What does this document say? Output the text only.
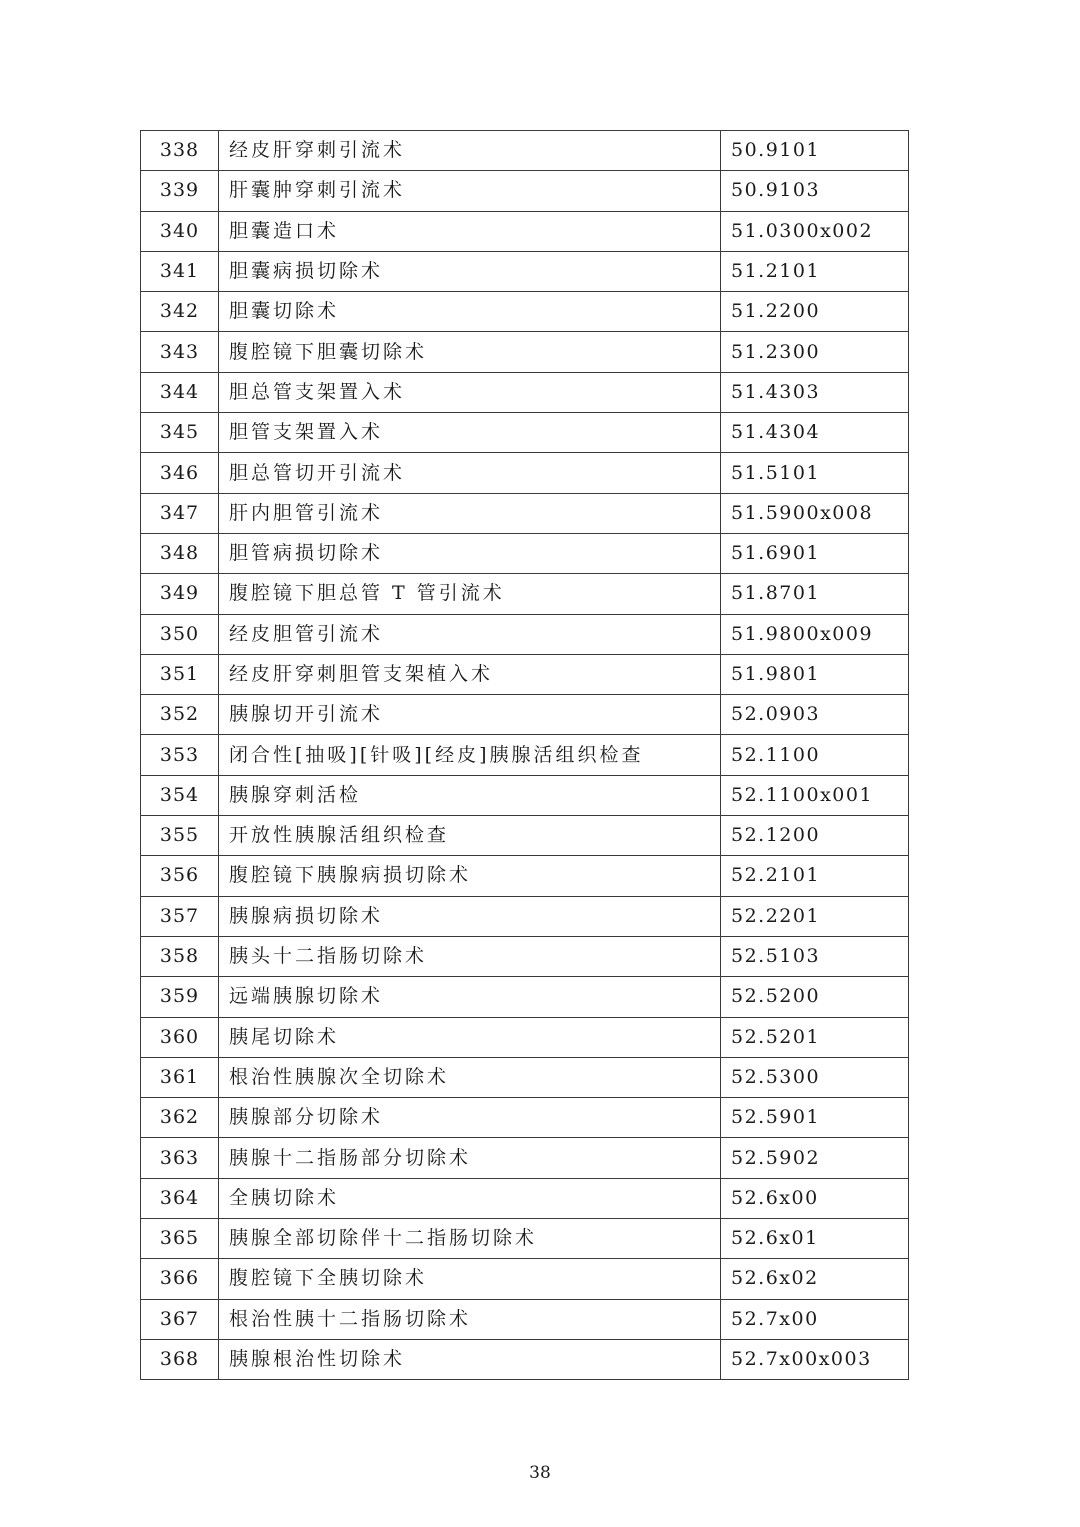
338	经皮肝穿刺引流术	50.9101
339	肝囊肿穿刺引流术	50.9103
340	胆囊造口术	51.0300x002
341	胆囊病损切除术	51.2101
342	胆囊切除术	51.2200
343	腹腔镜下胆囊切除术	51.2300
344	胆总管支架置入术	51.4303
345	胆管支架置入术	51.4304
346	胆总管切开引流术	51.5101
347	肝内胆管引流术	51.5900x008
348	胆管病损切除术	51.6901
349	腹腔镜下胆总管 T 管引流术	51.8701
350	经皮胆管引流术	51.9800x009
351	经皮肝穿刺胆管支架植入术	51.9801
352	胰腺切开引流术	52.0903
353	闭合性[抽吸][针吸][经皮]胰腺活组织检查	52.1100
354	胰腺穿刺活检	52.1100x001
355	开放性胰腺活组织检查	52.1200
356	腹腔镜下胰腺病损切除术	52.2101
357	胰腺病损切除术	52.2201
358	胰头十二指肠切除术	52.5103
359	远端胰腺切除术	52.5200
360	胰尾切除术	52.5201
361	根治性胰腺次全切除术	52.5300
362	胰腺部分切除术	52.5901
363	胰腺十二指肠部分切除术	52.5902
364	全胰切除术	52.6x00
365	胰腺全部切除伴十二指肠切除术	52.6x01
366	腹腔镜下全胰切除术	52.6x02
367	根治性胰十二指肠切除术	52.7x00
368	胰腺根治性切除术	52.7x00x003
38
